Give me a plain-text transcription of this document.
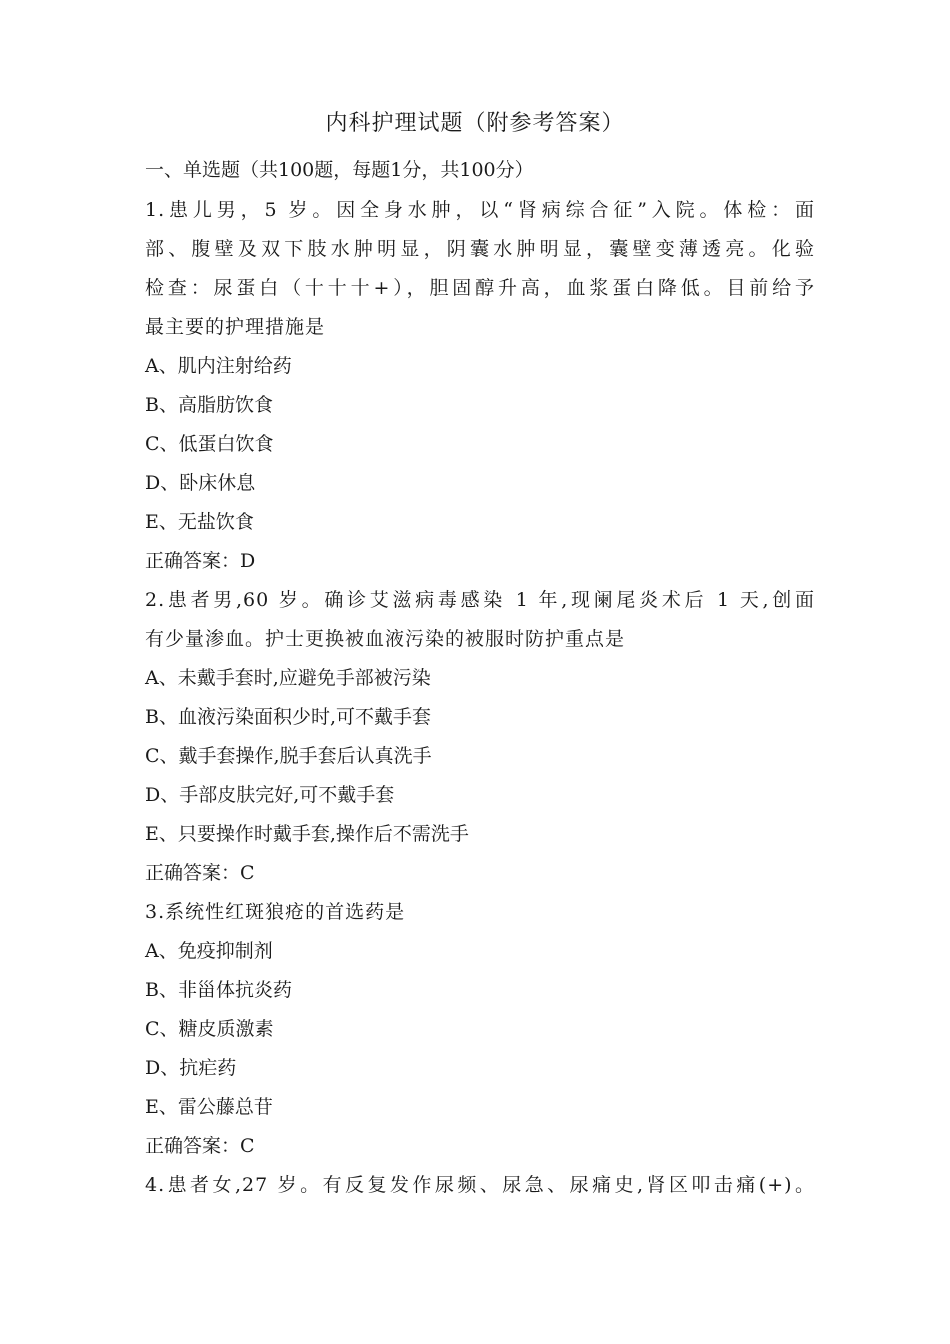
内科护理试题（附参考答案）
一、单选题（共100题，每题1分，共100分）
1.患儿男，5 岁。因全身水肿，以“肾病综合征”入院。体检：面
部、腹壁及双下肢水肿明显，阴囊水肿明显，囊壁变薄透亮。化验
检查：尿蛋白（十十十+），胆固醇升高，血浆蛋白降低。目前给予
最主要的护理措施是
A、肌内注射给药
B、高脂肪饮食
C、低蛋白饮食
D、卧床休息
E、无盐饮食
正确答案：D
2.患者男,60 岁。确诊艾滋病毒感染 1 年,现阑尾炎术后 1 天,创面
有少量渗血。护士更换被血液污染的被服时防护重点是
A、未戴手套时,应避免手部被污染
B、血液污染面积少时,可不戴手套
C、戴手套操作,脱手套后认真洗手
D、手部皮肤完好,可不戴手套
E、只要操作时戴手套,操作后不需洗手
正确答案：C
3.系统性红斑狼疮的首选药是
A、免疫抑制剂
B、非甾体抗炎药
C、糖皮质激素
D、抗疟药
E、雷公藤总苷
正确答案：C
4.患者女,27 岁。有反复发作尿频、尿急、尿痛史,肾区叩击痛(+)。
